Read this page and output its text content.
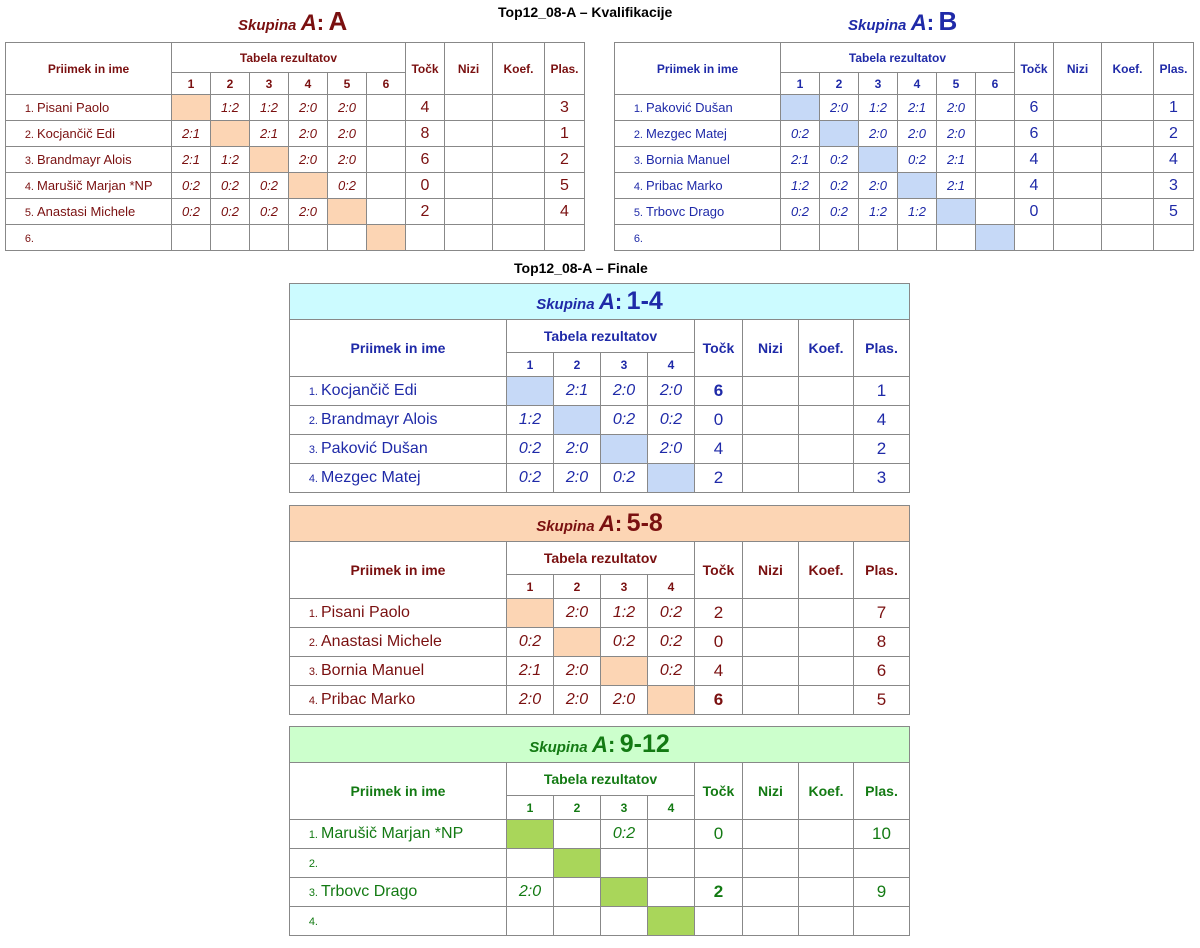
Top12_08-A – Kvalifikacije
Top12_08-A – Finale
Skupina A: A	Skupina A: B
Priimek in ime	Tabela rezultatov						Točk	Nizi	Koef.	Plas.
	1	2	3	4	5	6				
1. Pisani Paolo		1:2	1:2	2:0	2:0		4			3
2. Kocjančič Edi	2:1		2:1	2:0	2:0		8			1
3. Brandmayr Alois	2:1	1:2		2:0	2:0		6			2
4. Marušič Marjan *NP	0:2	0:2	0:2		0:2		0			5
5. Anastasi Michele	0:2	0:2	0:2	2:0			2			4
6.										
Priimek in ime	Tabela rezultatov						Točk	Nizi	Koef.	Plas.
	1	2	3	4	5	6				
1. Paković Dušan		2:0	1:2	2:1	2:0		6			1
2. Mezgec Matej	0:2		2:0	2:0	2:0		6			2
3. Bornia Manuel	2:1	0:2		0:2	2:1		4			4
4. Pribac Marko	1:2	0:2	2:0		2:1		4			3
5. Trbovc Drago	0:2	0:2	1:2	1:2			0			5
6.										
Skupina A: 1-4								
Priimek in ime	Tabela rezultatov				Točk	Nizi	Koef.	Plas.
	1	2	3	4				
1. Kocjančič Edi		2:1	2:0	2:0	6			1
2. Brandmayr Alois	1:2		0:2	0:2	0			4
3. Paković Dušan	0:2	2:0		2:0	4			2
4. Mezgec Matej	0:2	2:0	0:2		2			3
Skupina A: 5-8								
Priimek in ime	Tabela rezultatov				Točk	Nizi	Koef.	Plas.
	1	2	3	4				
1. Pisani Paolo		2:0	1:2	0:2	2			7
2. Anastasi Michele	0:2		0:2	0:2	0			8
3. Bornia Manuel	2:1	2:0		0:2	4			6
4. Pribac Marko	2:0	2:0	2:0		6			5
Skupina A: 9-12								
Priimek in ime	Tabela rezultatov				Točk	Nizi	Koef.	Plas.
	1	2	3	4				
1. Marušič Marjan *NP			0:2		0			10
2.								
3. Trbovc Drago	2:0				2			9
4.								
